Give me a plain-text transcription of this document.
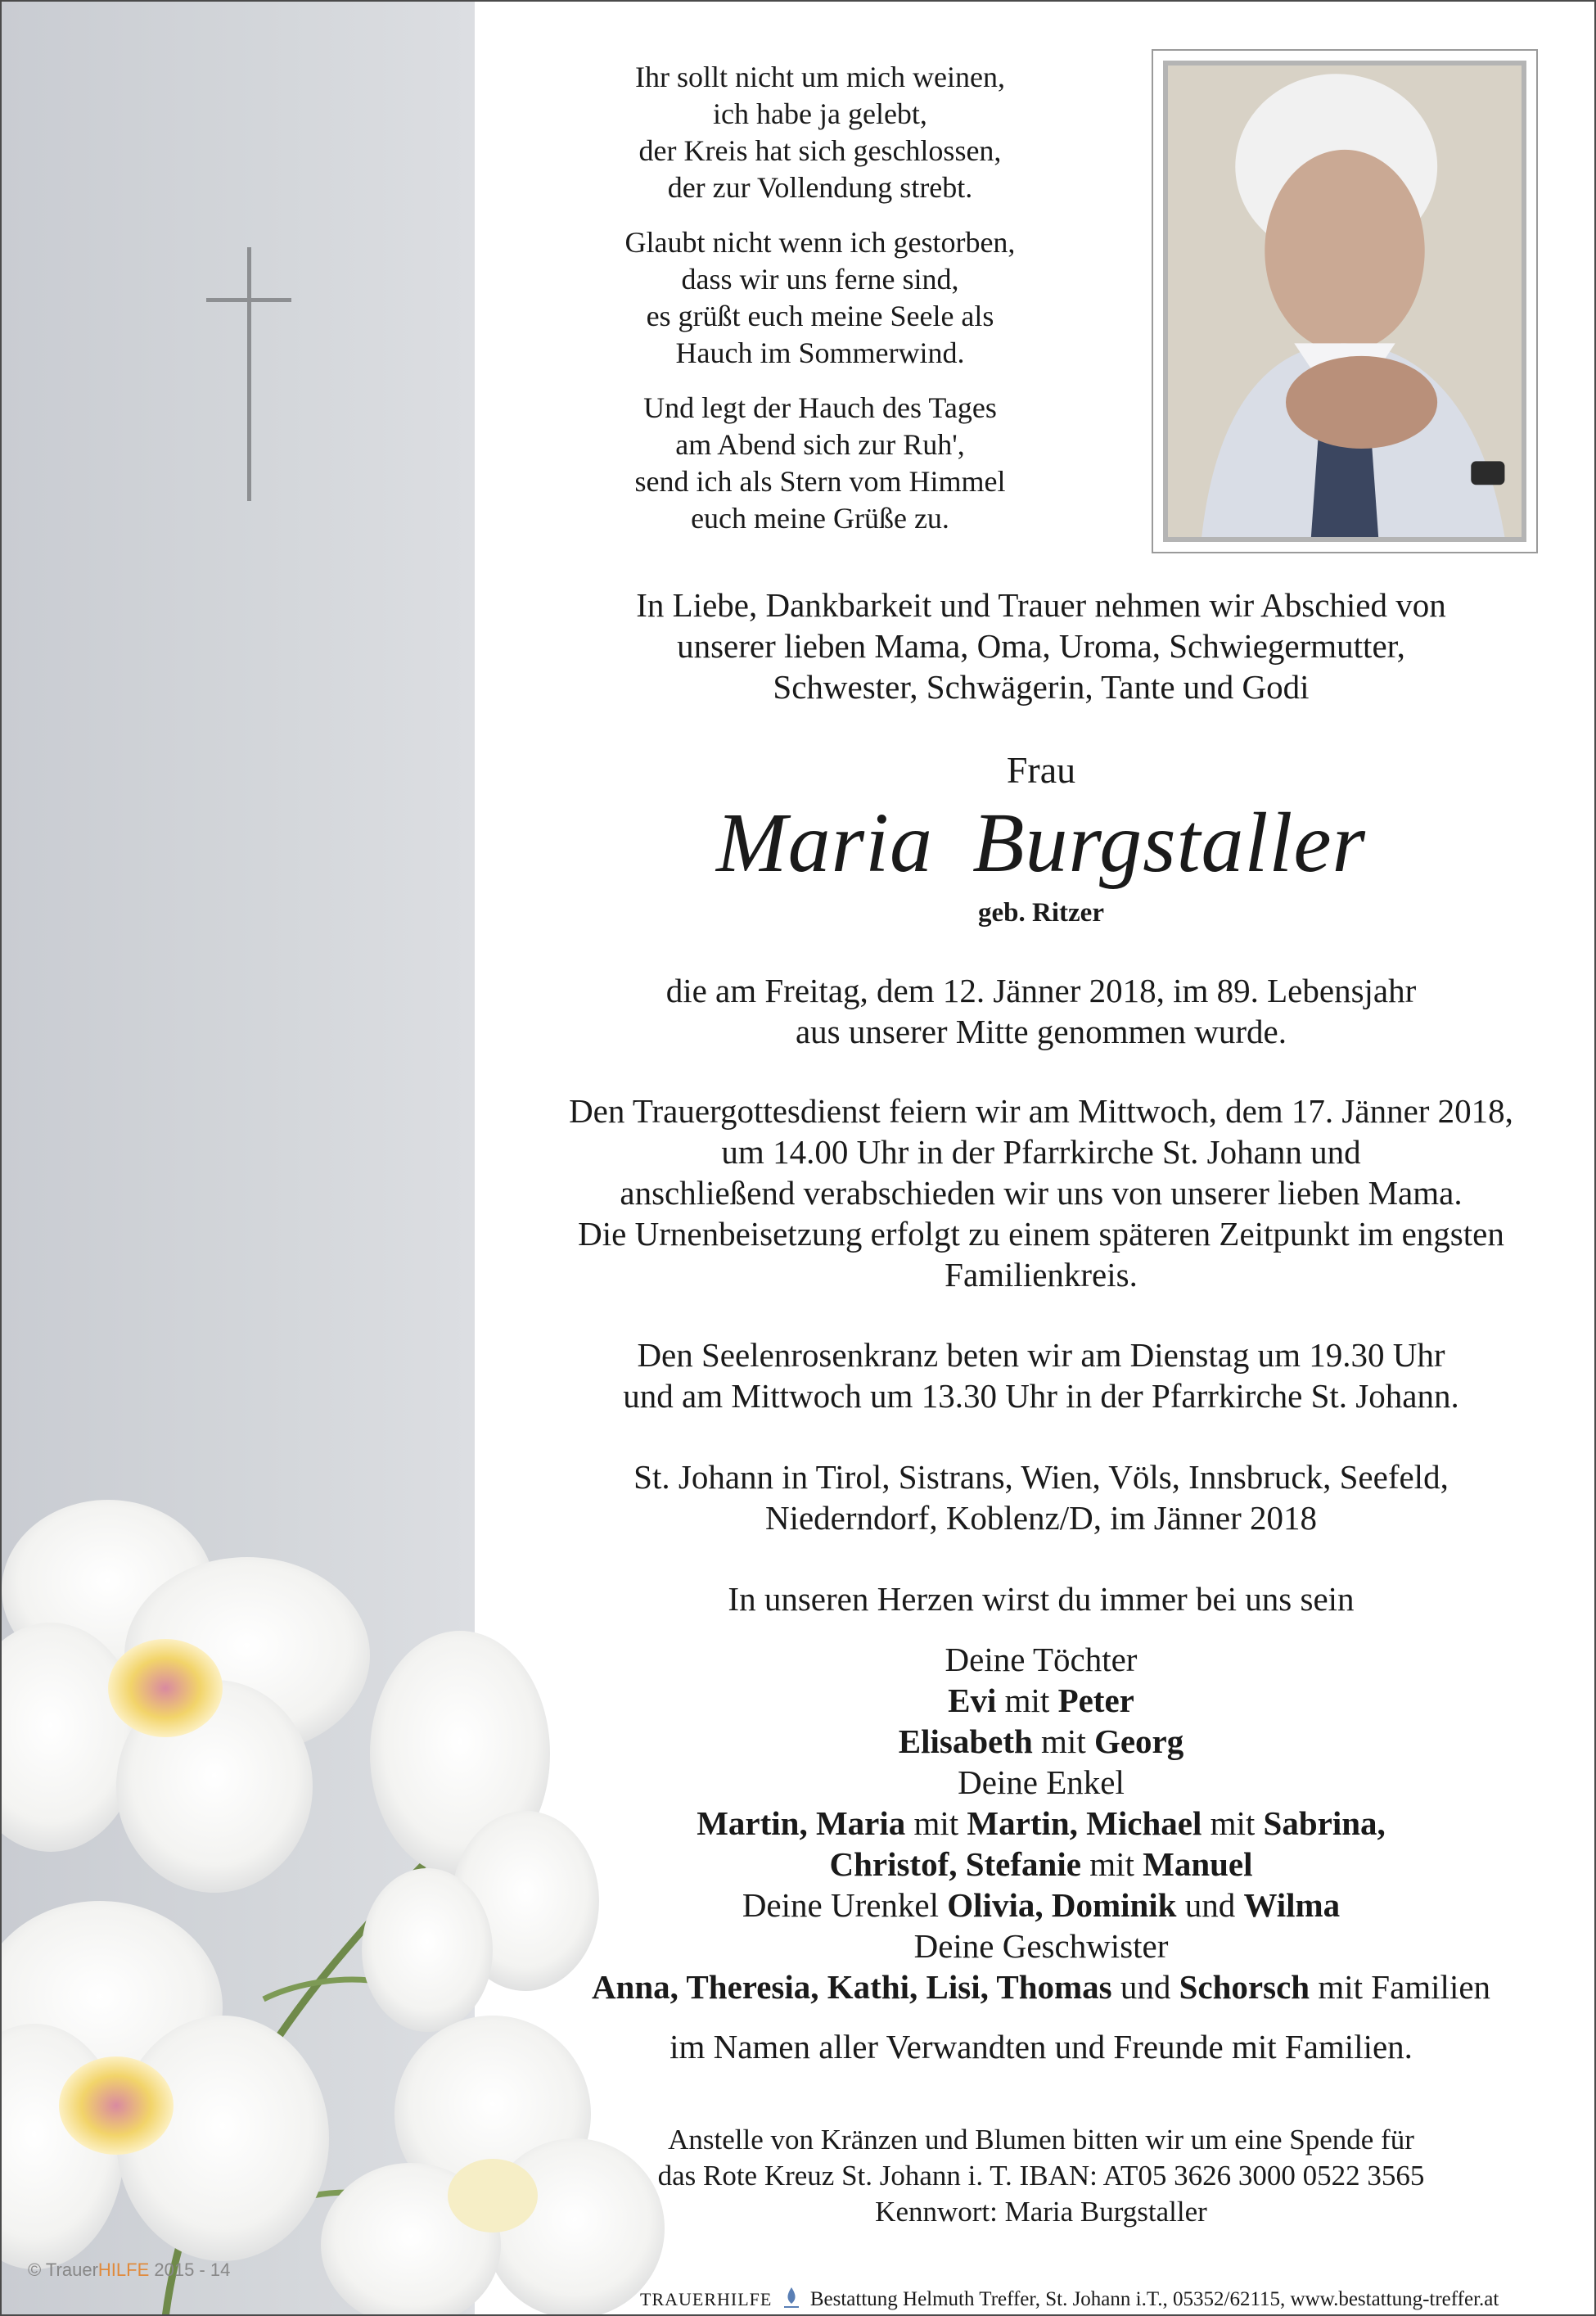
© TrauerHILFE 2015 - 14
Ihr sollt nicht um mich weinen,
ich habe ja gelebt,
der Kreis hat sich geschlossen,
der zur Vollendung strebt.
Glaubt nicht wenn ich gestorben,
dass wir uns ferne sind,
es grüßt euch meine Seele als
Hauch im Sommerwind.
Und legt der Hauch des Tages
am Abend sich zur Ruh',
send ich als Stern vom Himmel
euch meine Grüße zu.
In Liebe, Dankbarkeit und Trauer nehmen wir Abschied von
unserer lieben Mama, Oma, Uroma, Schwiegermutter,
Schwester, Schwägerin, Tante und Godi
Frau
Maria Burgstaller
geb. Ritzer
die am Freitag, dem 12. Jänner 2018, im 89. Lebensjahr
aus unserer Mitte genommen wurde.
Den Trauergottesdienst feiern wir am Mittwoch, dem 17. Jänner 2018,
um 14.00 Uhr in der Pfarrkirche St. Johann und
anschließend verabschieden wir uns von unserer lieben Mama.
Die Urnenbeisetzung erfolgt zu einem späteren Zeitpunkt im engsten
Familienkreis.
Den Seelenrosenkranz beten wir am Dienstag um 19.30 Uhr
und am Mittwoch um 13.30 Uhr in der Pfarrkirche St. Johann.
St. Johann in Tirol, Sistrans, Wien, Völs, Innsbruck, Seefeld,
Niederndorf, Koblenz/D, im Jänner 2018
In unseren Herzen wirst du immer bei uns sein
Deine Töchter
Evi mit Peter
Elisabeth mit Georg
Deine Enkel
Martin, Maria mit Martin, Michael mit Sabrina,
Christof, Stefanie mit Manuel
Deine Urenkel Olivia, Dominik und Wilma
Deine Geschwister
Anna, Theresia, Kathi, Lisi, Thomas und Schorsch mit Familien
im Namen aller Verwandten und Freunde mit Familien.
Anstelle von Kränzen und Blumen bitten wir um eine Spende für
das Rote Kreuz St. Johann i. T. IBAN: AT05 3626 3000 0522 3565
Kennwort: Maria Burgstaller
TRAUERHILFE Bestattung Helmuth Treffer, St. Johann i.T., 05352/62115, www.bestattung-treffer.at
